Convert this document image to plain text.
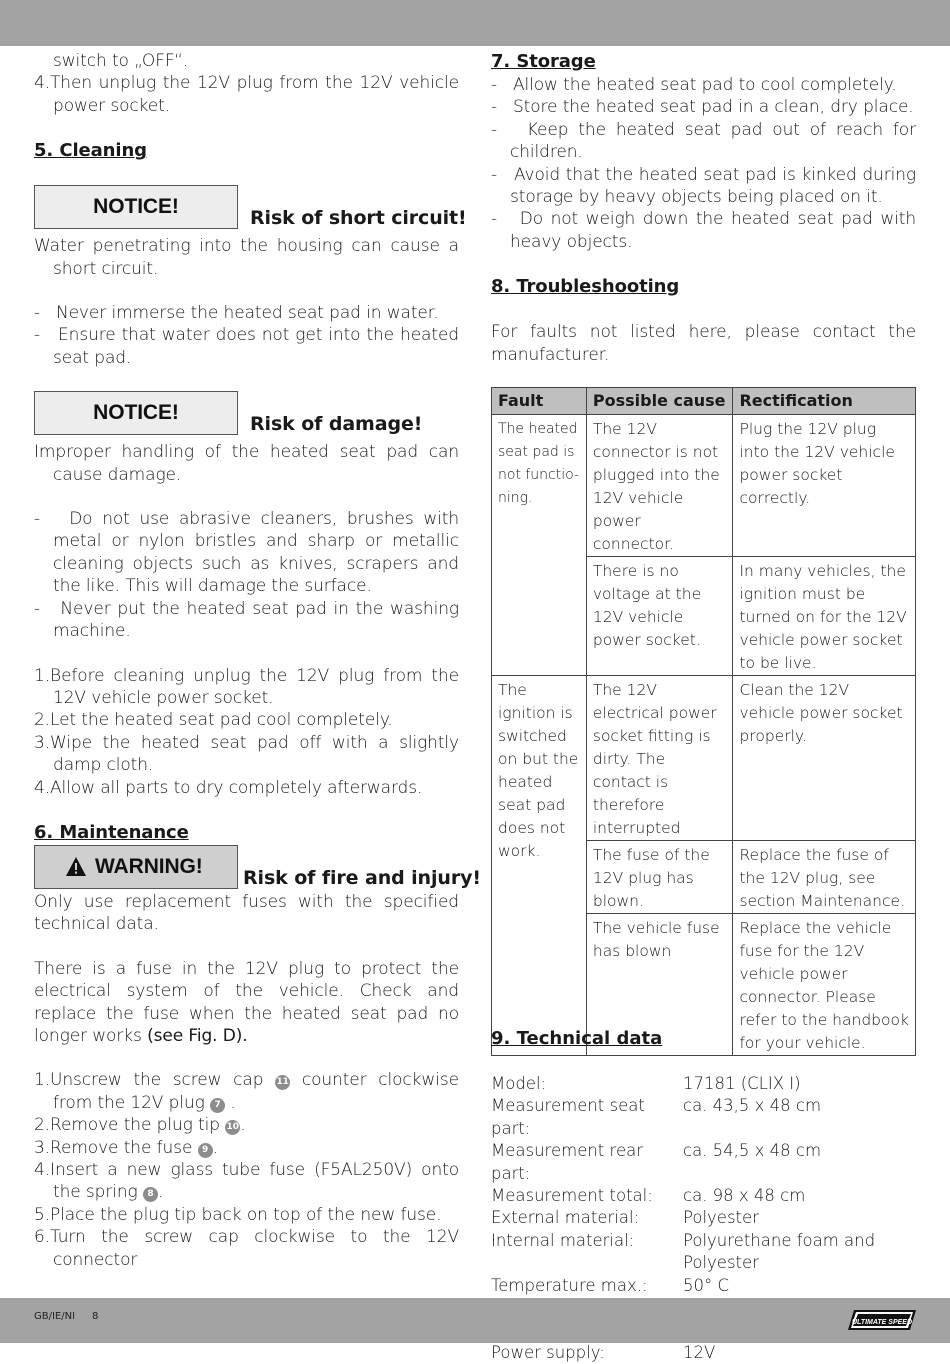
switch to „OFF“.

4.Then unplug the 12V plug from the 12V vehicle power socket.

5. Cleaning
NOTICE!	Risk of short circuit!

Water penetrating into the housing can cause a short circuit.

-   Never immerse the heated seat pad in water.

-   Ensure that water does not get into the heated seat pad.

NOTICE!	Risk of damage!

Improper handling of the heated seat pad can cause damage.

-   Do not use abrasive cleaners, brushes with metal or nylon bristles and sharp or metallic cleaning objects such as knives, scrapers and the like. This will damage the surface.

-   Never put the heated seat pad in the washing machine.

1.Before cleaning unplug the 12V plug from the 12V vehicle power socket.

2.Let the heated seat pad cool completely.

3.Wipe the heated seat pad off with a slightly damp cloth.

4.Allow all parts to dry completely afterwards.

6. Maintenance
WARNING! Risk of fire and injury!

Only use replacement fuses with the specified technical data.

There is a fuse in the 12V plug to protect the electrical system of the vehicle. Check and replace the fuse when the heated seat pad no longer works (see Fig. D).

1.Unscrew the screw cap 11 counter clockwise from the 12V plug 7 .

2.Remove the plug tip 10.

3.Remove the fuse 9 .

4.Insert a new glass tube fuse (F5AL250V) onto the spring 8 .

5.Place the plug tip back on top of the new fuse.

6.Turn the screw cap clockwise to the 12V connector

7. Storage

-   Allow the heated seat pad to cool completely.

-   Store the heated seat pad in a clean, dry place.

-   Keep the heated seat pad out of reach for children.

-   Avoid that the heated seat pad is kinked during storage by heavy objects being placed on it.

-   Do not weigh down the heated seat pad with heavy objects.

8. Troubleshooting

For faults not listed here, please contact the manufacturer.

Fault	Possible cause	Rectification
The heated seat pad is not functio-ning.	The 12V connector is not plugged into the 12V vehicle power connector.	Plug the 12V plug into the 12V vehicle power socket correctly.
	There is no voltage at the 12V vehicle power socket.	In many vehicles, the ignition must be turned on for the 12V vehicle power socket to be live.
The ignition is switched on but the heated seat pad does not work.	The 12V electrical power socket fitting is dirty. The contact is therefore interrupted	Clean the 12V vehicle power socket properly.
	The fuse of the 12V plug has blown.	Replace the fuse of the 12V plug, see section Maintenance.
	The vehicle fuse has blown	Replace the vehicle fuse for the 12V vehicle power connector. Please refer to the handbook for your vehicle.
9. Technical data
Model:	17181 (CLIX I)
Measurement seat part:
ca. 43,5 x 48 cm
Measurement rear part:
ca. 54,5 x 48 cm
Measurement total:	ca. 98 x 48 cm
External material:	Polyester
Internal material:	Polyurethane foam and Polyester
Temperature max.:	50° C
Power supply:	12V
GB/IE/NI 8
ULTIMATE SPEED
